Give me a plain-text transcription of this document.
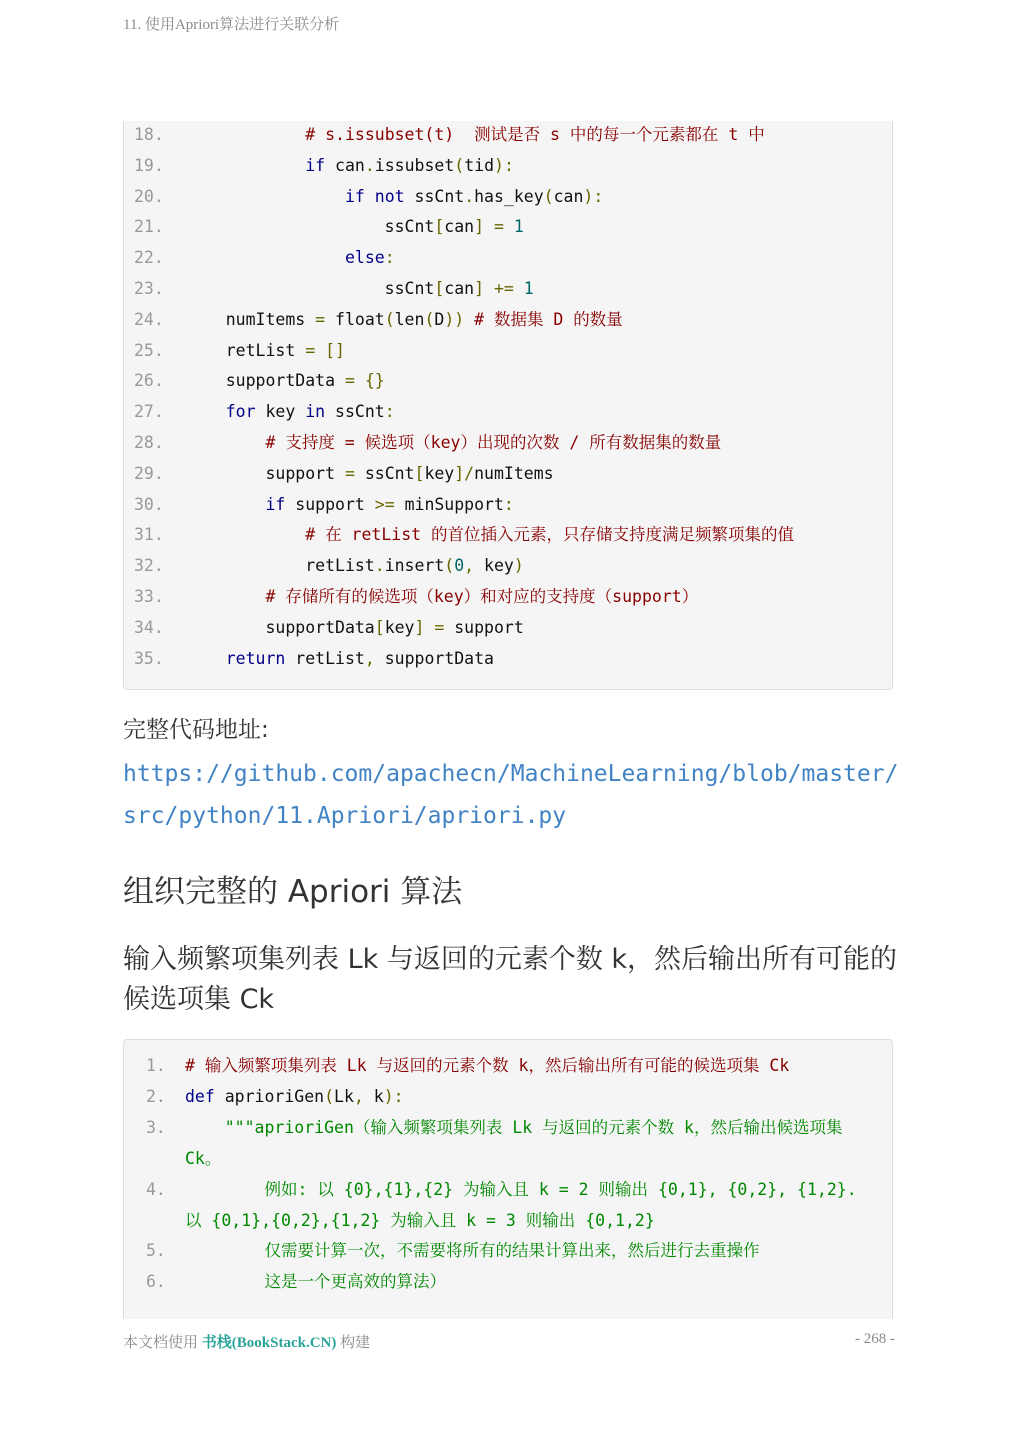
11. 使用Apriori算法进行关联分析
18.
19.
20.
21.
22.
23.
24.
25.
26.
27.
28.
29.
30.
31.
32.
33.
34.
35.
# s.issubset(t)  测试是否 s 中的每一个元素都在 t 中
if can.issubset(tid):
if not ssCnt.has_key(can):
ssCnt[can] = 1
else:
ssCnt[can] += 1
numItems = float(len(D)) # 数据集 D 的数量
retList = []
supportData = {}
for key in ssCnt:
# 支持度 = 候选项（key）出现的次数 / 所有数据集的数量
support = ssCnt[key]/numItems
if support >= minSupport:
# 在 retList 的首位插入元素，只存储支持度满足频繁项集的值
retList.insert(0, key)
# 存储所有的候选项（key）和对应的支持度（support）
supportData[key] = support
return retList, supportData
完整代码地址:
https://github.com/apachecn/MachineLearning/blob/master/src/python/11.Apriori/apriori.py
组织完整的 Apriori 算法
输入频繁项集列表 Lk 与返回的元素个数 k，然后输出所有可能的候选项集 Ck
1. # 输入频繁项集列表 Lk 与返回的元素个数 k，然后输出所有可能的候选项集 Ck
2. def aprioriGen(Lk, k):
3. """aprioriGen（输入频繁项集列表 Lk 与返回的元素个数 k，然后输出候选项集 Ck。
4. 例如: 以 {0},{1},{2} 为输入且 k = 2 则输出 {0,1}, {0,2}, {1,2}. 以 {0,1},{0,2},{1,2} 为输入且 k = 3 则输出 {0,1,2}
5. 仅需要计算一次，不需要将所有的结果计算出来，然后进行去重操作
6. 这是一个更高效的算法）
本文档使用 书栈(BookStack.CN) 构建	- 268 -
